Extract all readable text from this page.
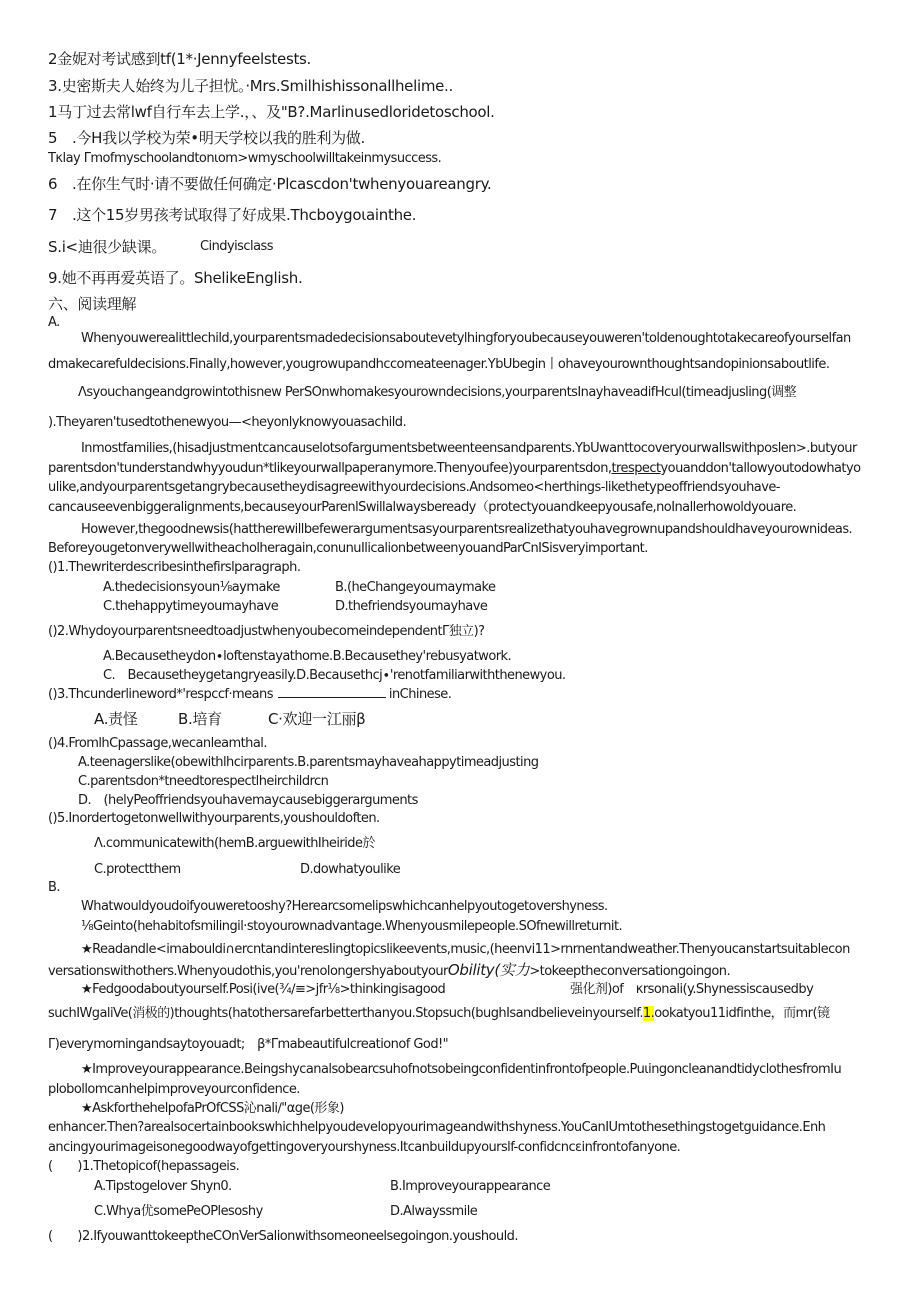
2金妮对考试感到tf(1*·Jennyfeelstests.
3.史密斯夫人始终为儿子担忧。·Mrs.Smilhishissonallhelime..
1马丁过去常lwf自行车去上学.，、及"B?.Marlinusedloridetoschool.
5　.今H我以学校为荣•明天学校以我的胜利为做.
Tκlay Γmofmyschoolandtonιom>wmyschoolwilltakeinmysuccess.
6　.在你生气时·请不要做任何确定·Plcascdon'twhenyouareangry.
7　.这个15岁男孩考试取得了好成果.Thcboygoιainthe.
S.i<迪很少缺课。	Cindyisclass
9.她不再再爱英语了。ShelikeEnglish.
六、阅读理解
A.
Whenyouwerealittlechild,yourparentsmadedecisionsaboutevetylhingforyoubecauseyouweren'toldenoughtotakecareofyourselfan
dmakecarefuldecisions.Finally,however,yougrowupandhccomeateenager.YbUbegin丨ohaveyourownthoughtsandopinionsaboutlife.
Λsyouchangeandgrowintothisnew PerSOnwhomakesyourowndecisions,yourparentsInayhaveadifHcul(timeadjusling(调整
).Theyaren'tusedtothenewyou—<heyonlyknowyouasachild.
Inmostfamilies,(hisadjustmentcancauselotsofargumentsbetweenteensandparents.YbUwanttocoveryourwallswithposlen>.butyour
parentsdon'tunderstandwhyyoudun*tlikeyourwallpaperanymore.Thenyoufee)yourparentsdon,trespectyouanddon'tallowyoutodowhatyo
ulike,andyourparentsgetangrybecausetheydisagreewithyourdecisions.Andsomeo<herthings-likethetypeoffriendsyouhave-
cancauseevenbiggeralignments,becauseyourParenlSwillalwaysbeready（protectyouandkeepyousafe,noInallerhowoldyouare.
However,thegoodnewsis(hattherewillbefewerargumentsasyourparentsrealizethatyouhavegrownupandshouldhaveyourownideas.
Beforeyougetonverywellwitheacholheragain,conunuIlicalionbetweenyouandParCnISisveryimportant.
()1.Thewriterdescribesinthefirslparagraph.
A.thedecisionsyoun⅛aymake	B.(heChangeyoumaymake
C.thehappytimeyoumayhave	D.thefriendsyoumayhave
()2.WhydoyourparentsneedtoadjustwhenyoubecomeindependentΓ独立)?
A.Becausetheydon∙loftenstayathome.B.Becausethey'rebusyatwork.
C.　Becausetheygetangryeasily.D.Becausethcj∙'renotfamiliarwiththenewyou.
()3.Thcunderlineword*'respccf·means	inChinese.
A.责怪	B.培育	C·欢迎一江丽β
()4.FromlhCpassage,wecanleamthal.
A.teenagerslike(obewithlhcirparents.B.parentsmayhaveahappytimeadjusting
C.parentsdon*tneedtorespectlheirchildrcn
D.　(helyPeoffriendsyouhavemaycausebiggerarguments
()5.Inordertogetonwellwithyourparents,youshouldoften.
Λ.communicatewith(hemB.arguewithIheiride於
C.protectthem	D.dowhatyoulike
B.
Whatwouldyoudoifyouweretooshy?Herearcsomelipswhichcanhelpyoutogetovershyness.
⅛Geinto(hehabitofsmilingil·stoyourownadvantage.Whenyousmilepeople.SOfnewillreturnit.
★Readandle<imabouldi∩ercntandinteresIingtopicslikeevents,music,(heenvi11>rnrnentandweather.Thenyoucanstartsuitablecon
versationswithothers.Whenyoudothis,you'renolongershyaboutyourObility(实力>tokeeptheconversationgoingon.
★Fedgoodaboutyourself.Posi(ive(¾∕≡>jfr⅛>thinkingisagood	强化剂)of　κrsonali(y.Shynessiscausedby
suchIWgaliVe(消极的)thoughts(hatothersarefarbetterthanyou.Stopsuch(bughIsandbelieveinyourself.1.ookatyou11idfinthe，而mr(镜
Γ)everymorningandsaytoyouadt;　β*Γmabeautifulcreationof God!"
★Improveyourappearance.Beingshycanalsobearcsuhofnotsobeingconfidentinfrontofpeople.PuιingoncleanandtidyclothesfromIu
plobollomcanhelpimproveyourconfidence.
★AskforthehelpofaPrOfCSS沁nali∕"αge(形象)
enhancer.Then?arealsocertainbookswhichhelpyoudevelopyourimageandwithshyness.YouCanIUmtothesethingstogetguidance.Enh
ancingyourimageisonegoodwayofgettingoveryourshyness.Itcanbuildupyourslf-confidcncεinfrontofanyone.
(　　)1.Thetopicof(hepassageis.
A.Tipstogelover Shyn0.	B.Improveyourappearance
C.Whya优somePeOPlesoshy	D.Alwayssmile
(　　)2.IfyouwanttokeeptheCOnVerSalionwithsomeoneelsegoingon.youshould.
